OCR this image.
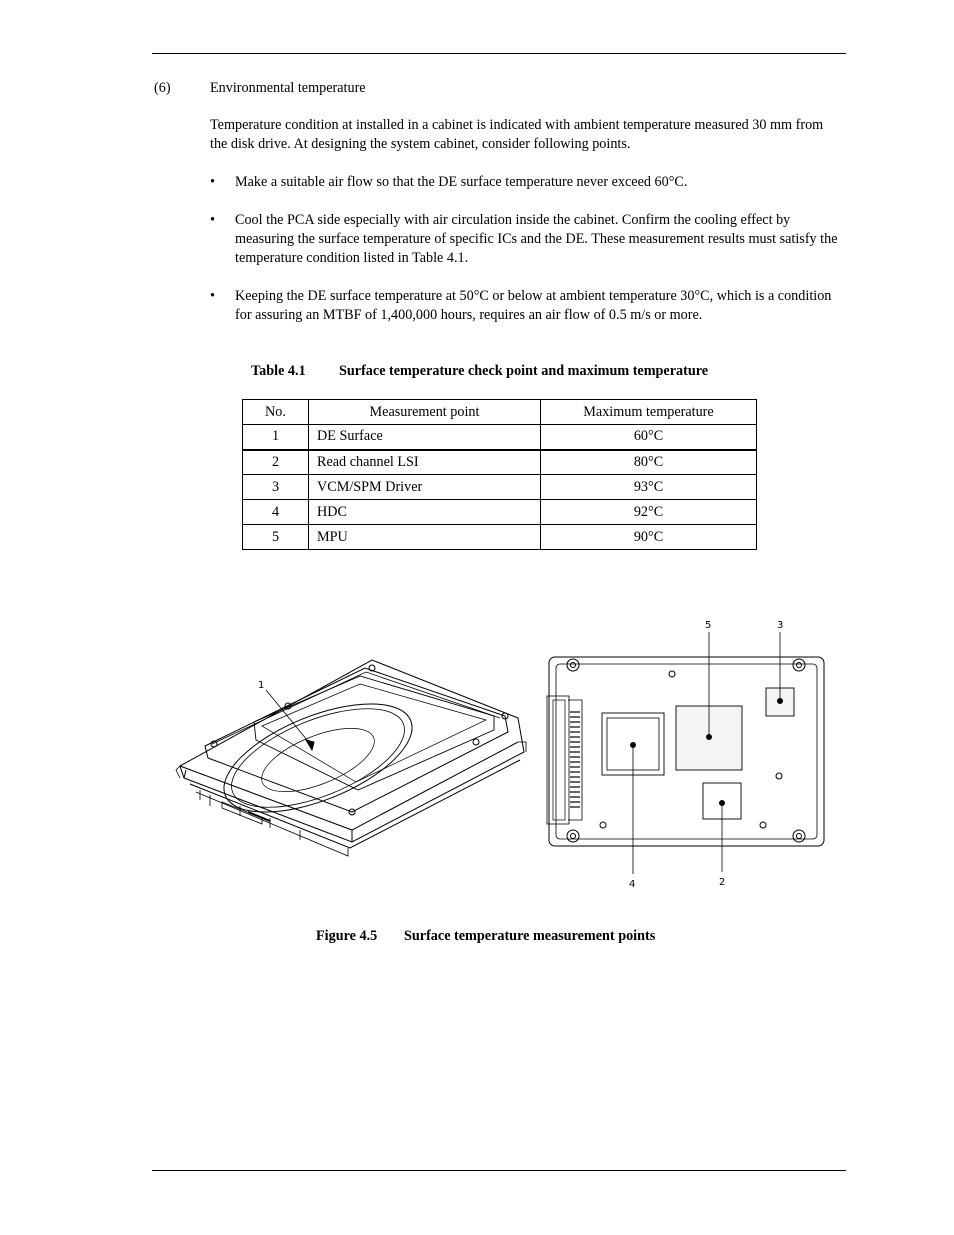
(6)	Environmental temperature
Temperature condition at installed in a cabinet is indicated with ambient temperature measured 30 mm from the disk drive. At designing the system cabinet, consider following points.
• Make a suitable air flow so that the DE surface temperature never exceed 60°C.
• Cool the PCA side especially with air circulation inside the cabinet. Confirm the cooling effect by measuring the surface temperature of specific ICs and the DE. These measurement results must satisfy the temperature condition listed in Table 4.1.
• Keeping the DE surface temperature at 50°C or below at ambient temperature 30°C, which is a condition for assuring an MTBF of 1,400,000 hours, requires an air flow of 0.5 m/s or more.
Table 4.1 Surface temperature check point and maximum temperature
No.	Measurement point	Maximum temperature
1	DE Surface	60°C
2	Read channel LSI	80°C
3	VCM/SPM Driver	93°C
4	HDC	92°C
5	MPU	90°C
1
5	3
4	2
Figure 4.5 Surface temperature measurement points
